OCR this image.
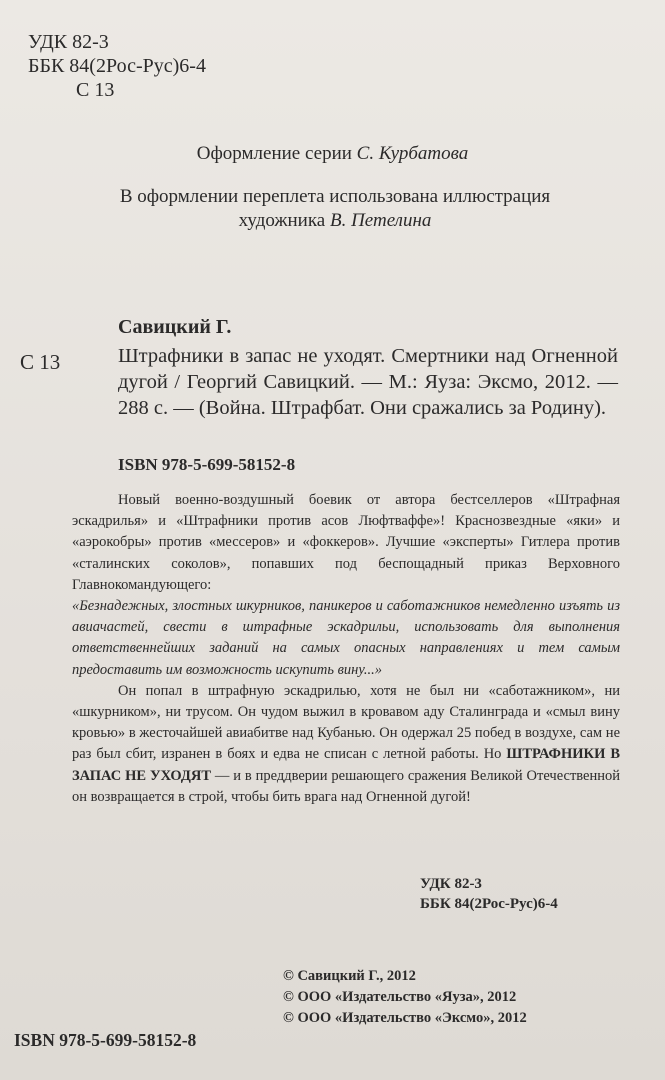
УДК 82-3
ББК 84(2Рос-Рус)6-4
С 13
Оформление серии С. Курбатова
В оформлении переплета использована иллюстрация
художника В. Петелина
Савицкий Г.
С 13	Штрафники в запас не уходят. Смертники над Огненной дугой / Георгий Савицкий. — М.: Яуза: Эксмо, 2012. — 288 с. — (Война. Штрафбат. Они сражались за Родину).
ISBN 978-5-699-58152-8

Новый военно-воздушный боевик от автора бестселлеров «Штрафная эскадрилья» и «Штрафники против асов Люфтваффе»! Краснозвездные «яки» и «аэрокобры» против «мессеров» и «фоккеров». Лучшие «эксперты» Гитлера против «сталинских соколов», попавших под беспощадный приказ Верховного Главнокомандующего:

«Безнадежных, злостных шкурников, паникеров и саботажников немедленно изъять из авиачастей, свести в штрафные эскадрильи, использовать для выполнения ответственнейших заданий на самых опасных направлениях и тем самым предоставить им возможность искупить вину...»

Он попал в штрафную эскадрилью, хотя не был ни «саботажником», ни «шкурником», ни трусом. Он чудом выжил в кровавом аду Сталинграда и «смыл вину кровью» в жесточайшей авиабитве над Кубанью. Он одержал 25 побед в воздухе, сам не раз был сбит, изранен в боях и едва не списан с летной работы. Но ШТРАФНИКИ В ЗАПАС НЕ УХОДЯТ — и в преддверии решающего сражения Великой Отечественной он возвращается в строй, чтобы бить врага над Огненной дугой!

УДК 82-3
ББК 84(2Рос-Рус)6-4
© Савицкий Г., 2012
© ООО «Издательство «Яуза», 2012
© ООО «Издательство «Эксмо», 2012
ISBN 978-5-699-58152-8
